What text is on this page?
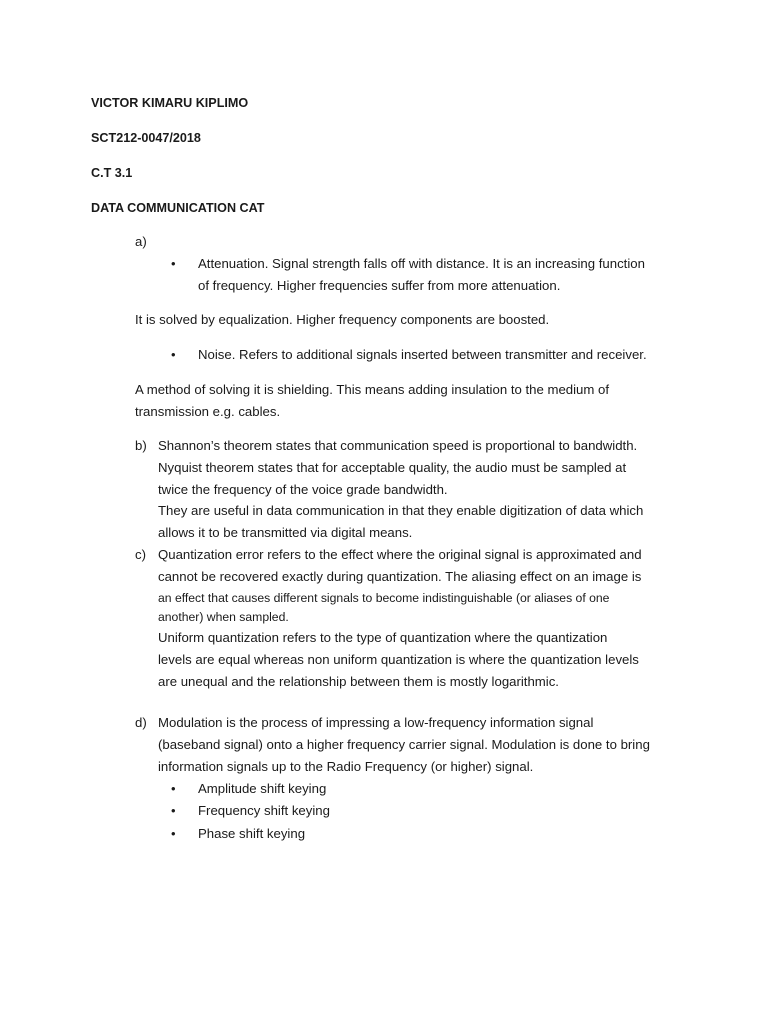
VICTOR KIMARU KIPLIMO
SCT212-0047/2018
C.T 3.1
DATA COMMUNICATION CAT
a)
• Attenuation. Signal strength falls off with distance. It is an increasing function
of frequency. Higher frequencies suffer from more attenuation.
It is solved by equalization. Higher frequency components are boosted.
• Noise. Refers to additional signals inserted between transmitter and receiver.
A method of solving it is shielding. This means adding insulation to the medium of
transmission e.g. cables.
b) Shannon’s theorem states that communication speed is proportional to bandwidth.
Nyquist theorem states that for acceptable quality, the audio must be sampled at
twice the frequency of the voice grade bandwidth.
They are useful in data communication in that they enable digitization of data which
allows it to be transmitted via digital means.
c) Quantization error refers to the effect where the original signal is approximated and
cannot be recovered exactly during quantization. The aliasing effect on an image is
an effect that causes different signals to become indistinguishable (or aliases of one
another) when sampled.
Uniform quantization refers to the type of quantization where the quantization
levels are equal whereas non uniform quantization is where the quantization levels
are unequal and the relationship between them is mostly logarithmic.
d) Modulation is the process of impressing a low-frequency information signal
(baseband signal) onto a higher frequency carrier signal. Modulation is done to bring
information signals up to the Radio Frequency (or higher) signal.
• Amplitude shift keying
• Frequency shift keying
• Phase shift keying
